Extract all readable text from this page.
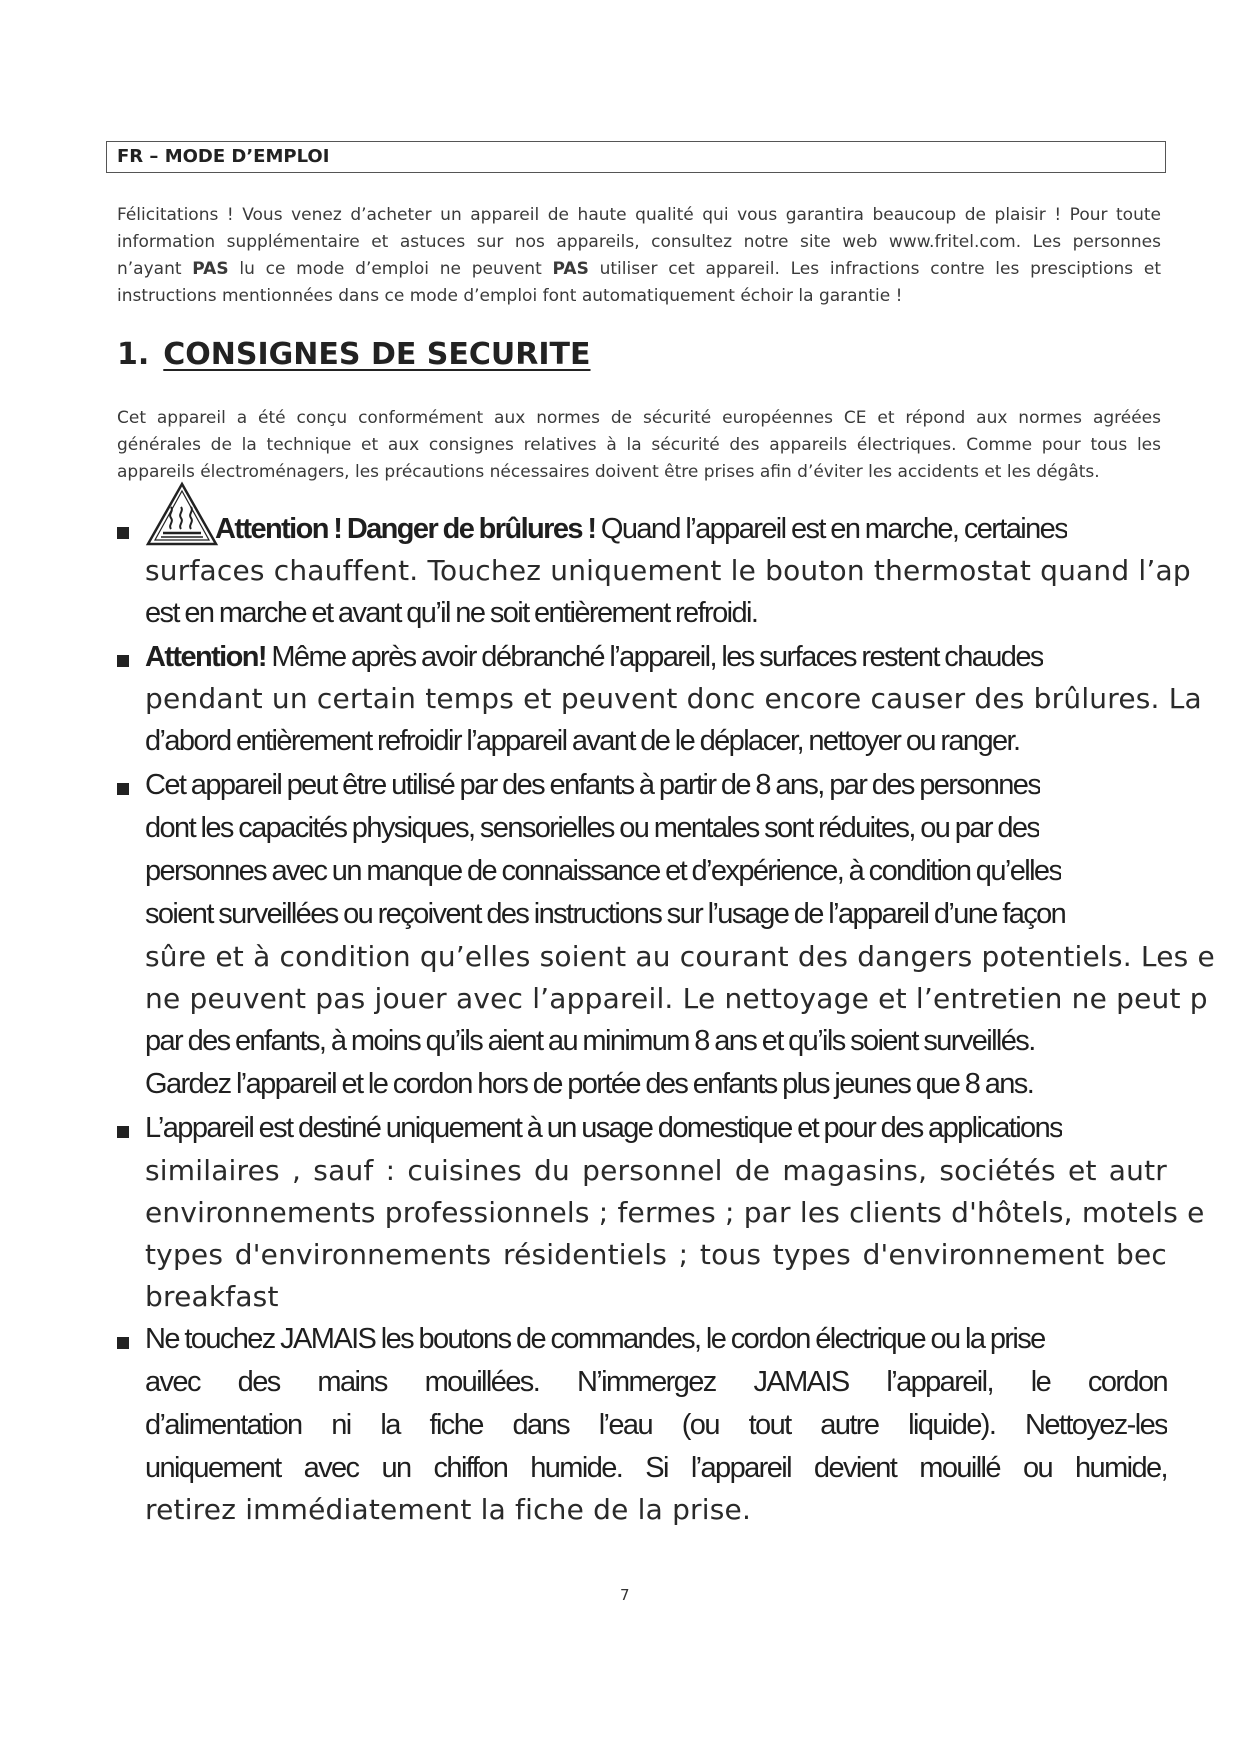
FR – MODE D’EMPLOI
Félicitations ! Vous venez d’acheter un appareil de haute qualité qui vous garantira beaucoup de plaisir ! Pour toute
information supplémentaire et astuces sur nos appareils, consultez notre site web www.fritel.com. Les personnes
n’ayant PAS lu ce mode d’emploi ne peuvent PAS utiliser cet appareil. Les infractions contre les presciptions et
instructions mentionnées dans ce mode d’emploi font automatiquement échoir la garantie !
1. CONSIGNES DE SECURITE
Cet appareil a été conçu conformément aux normes de sécurité européennes CE et répond aux normes agréées
générales de la technique et aux consignes relatives à la sécurité des appareils électriques. Comme pour tous les
appareils électroménagers, les précautions nécessaires doivent être prises afin d’éviter les accidents et les dégâts.
Attention ! Danger de brûlures ! Quand l’appareil est en marche, certaines
surfaces chauffent. Touchez uniquement le bouton thermostat quand l’ap
est en marche et avant qu’il ne soit entièrement refroidi.
Attention! Même après avoir débranché l’appareil, les surfaces restent chaudes
pendant un certain temps et peuvent donc encore causer des brûlures. La
d’abord entièrement refroidir l’appareil avant de le déplacer, nettoyer ou ranger.
Cet appareil peut être utilisé par des enfants à partir de 8 ans, par des personnes
dont les capacités physiques, sensorielles ou mentales sont réduites, ou par des
personnes avec un manque de connaissance et d’expérience, à condition qu’elles
soient surveillées ou reçoivent des instructions sur l’usage de l’appareil d’une façon
sûre et à condition qu’elles soient au courant des dangers potentiels. Les e
ne peuvent pas jouer avec l’appareil. Le nettoyage et l’entretien ne peut p
par des enfants, à moins qu’ils aient au minimum 8 ans et qu’ils soient surveillés.
Gardez l’appareil et le cordon hors de portée des enfants plus jeunes que 8 ans.
L’appareil est destiné uniquement à un usage domestique et pour des applications
similaires , sauf : cuisines du personnel de magasins, sociétés et autr
environnements professionnels ; fermes ; par les clients d'hôtels, motels e
types d'environnements résidentiels ; tous types d'environnement bec
breakfast
Ne touchez JAMAIS les boutons de commandes, le cordon électrique ou la prise
avec des mains mouillées. N’immergez JAMAIS l’appareil, le cordon
d’alimentation ni la fiche dans l’eau (ou tout autre liquide). Nettoyez-les
uniquement avec un chiffon humide. Si l’appareil devient mouillé ou humide,
retirez immédiatement la fiche de la prise.
7
